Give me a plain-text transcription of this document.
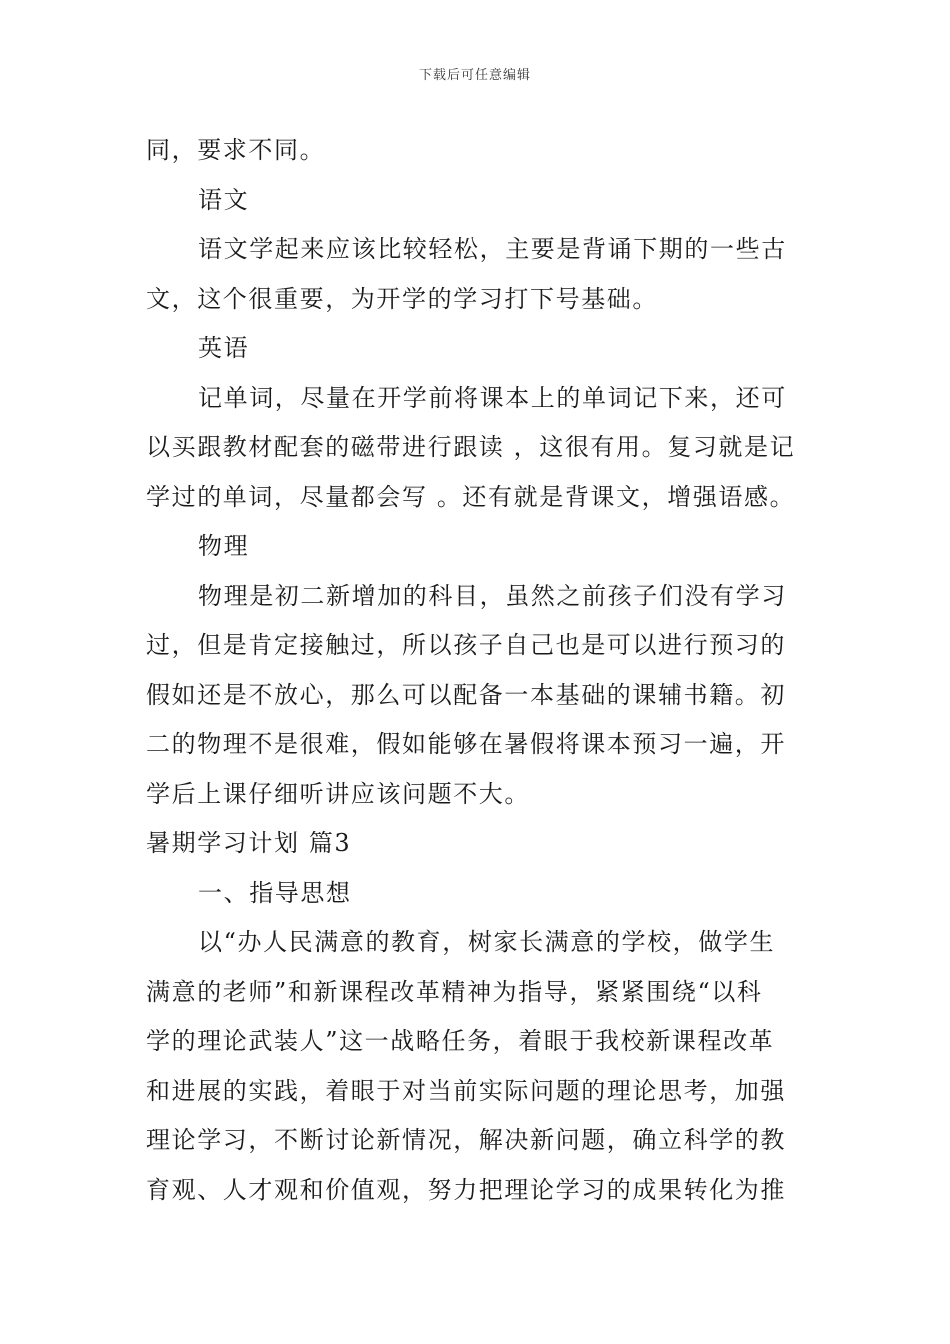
下载后可任意编辑
同，要求不同。
语文
语文学起来应该比较轻松，主要是背诵下期的一些古
文，这个很重要，为开学的学习打下号基础。
英语
记单词，尽量在开学前将课本上的单词记下来，还可
以买跟教材配套的磁带进行跟读 ，这很有用。复习就是记
学过的单词，尽量都会写 。还有就是背课文，增强语感。
物理
物理是初二新增加的科目，虽然之前孩子们没有学习
过，但是肯定接触过，所以孩子自己也是可以进行预习的
假如还是不放心，那么可以配备一本基础的课辅书籍。初
二的物理不是很难，假如能够在暑假将课本预习一遍，开
学后上课仔细听讲应该问题不大。
暑期学习计划 篇3
一、指导思想
以“办人民满意的教育，树家长满意的学校，做学生
满意的老师”和新课程改革精神为指导，紧紧围绕“以科
学的理论武装人”这一战略任务，着眼于我校新课程改革
和进展的实践，着眼于对当前实际问题的理论思考，加强
理论学习，不断讨论新情况，解决新问题，确立科学的教
育观、人才观和价值观，努力把理论学习的成果转化为推
